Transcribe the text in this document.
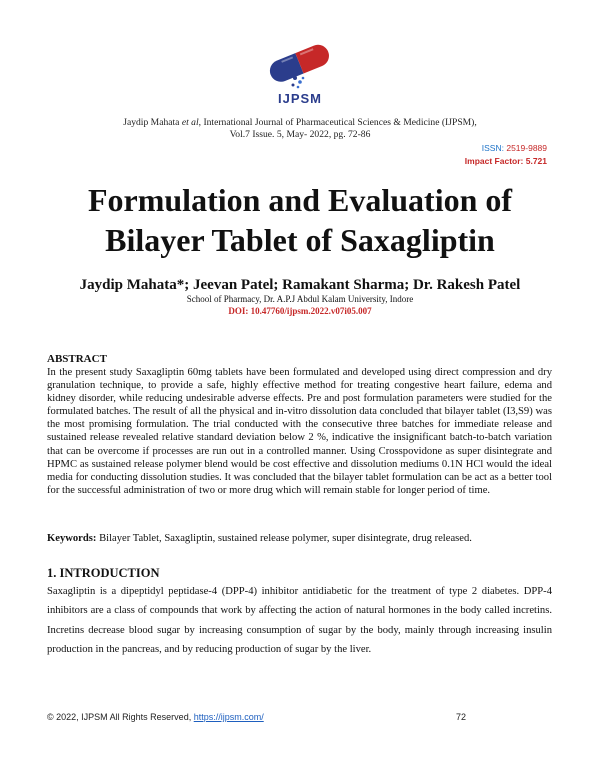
IJPSM
Jaydip Mahata et al, International Journal of Pharmaceutical Sciences & Medicine (IJPSM),
Vol.7 Issue. 5, May- 2022, pg. 72-86
ISSN: 2519-9889
Impact Factor: 5.721
Formulation and Evaluation of
Bilayer Tablet of Saxagliptin
Jaydip Mahata*; Jeevan Patel; Ramakant Sharma; Dr. Rakesh Patel
School of Pharmacy, Dr. A.P.J Abdul Kalam University, Indore
DOI: 10.47760/ijpsm.2022.v07i05.007
ABSTRACT

In the present study Saxagliptin 60mg tablets have been formulated and developed using direct compression and dry granulation technique, to provide a safe, highly effective method for treating congestive heart failure, edema and kidney disorder, while reducing undesirable adverse effects. Pre and post formulation parameters were studied for the formulated batches. The result of all the physical and in-vitro dissolution data concluded that bilayer tablet (I3,S9) was the most promising formulation. The trial conducted with the consecutive three batches for immediate release and sustained release revealed relative standard deviation below 2 %, indicative the insignificant batch-to-batch variation that can be overcome if processes are run out in a controlled manner. Using Crosspovidone as super disintegrate and HPMC as sustained release polymer blend would be cost effective and dissolution mediums 0.1N HCl would the ideal media for conducting dissolution studies. It was concluded that the bilayer tablet formulation can be act as a better tool for the successful administration of two or more drug which will remain stable for longer period of time.

Keywords: Bilayer Tablet, Saxagliptin, sustained release polymer, super disintegrate, drug released.

1. INTRODUCTION

Saxagliptin is a dipeptidyl peptidase-4 (DPP-4) inhibitor antidiabetic for the treatment of type 2 diabetes. DPP-4 inhibitors are a class of compounds that work by affecting the action of natural hormones in the body called incretins. Incretins decrease blood sugar by increasing consumption of sugar by the body, mainly through increasing insulin production in the pancreas, and by reducing production of sugar by the liver.

© 2022, IJPSM All Rights Reserved, https://ijpsm.com/	72
